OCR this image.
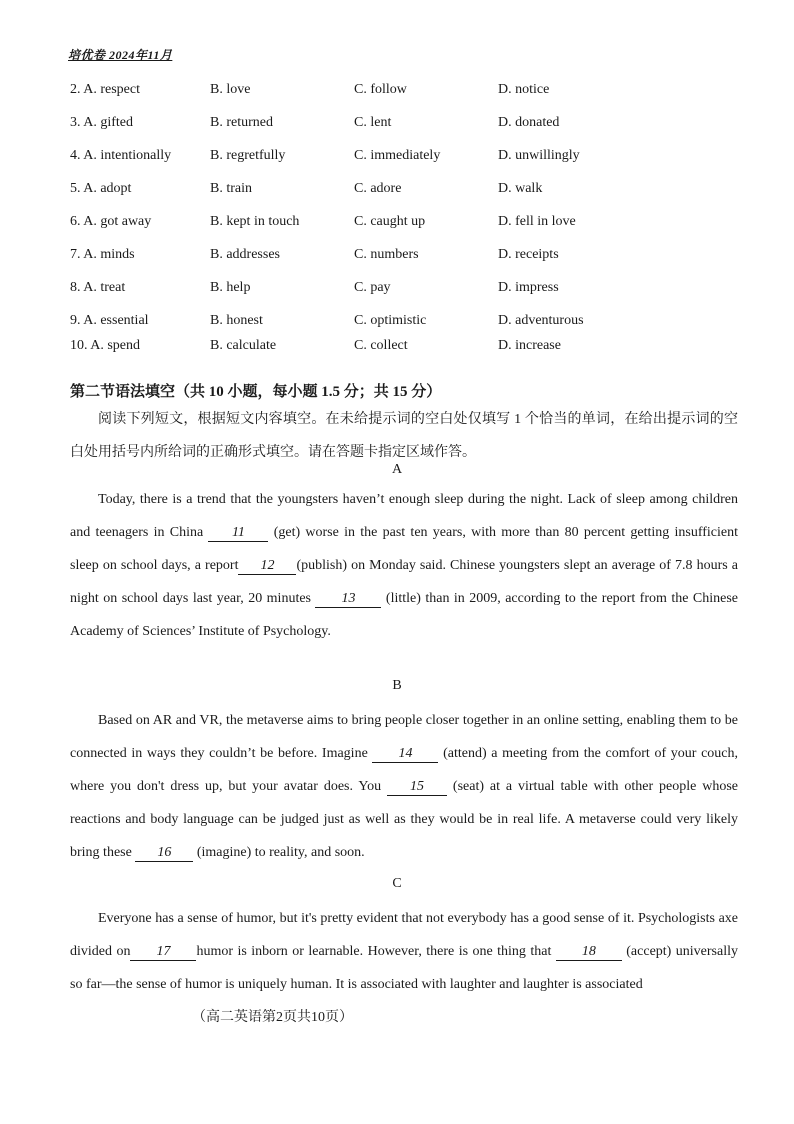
培优卷 2024年11月
2. A. respect	B. love	C. follow	D. notice
3. A. gifted	B. returned	C. lent	D. donated
4. A. intentionally	B. regretfully	C. immediately	D. unwillingly
5. A. adopt	B. train	C. adore	D. walk
6. A. got away	B. kept in touch	C. caught up	D. fell in love
7. A. minds	B. addresses	C. numbers	D. receipts
8. A. treat	B. help	C. pay	D. impress
9. A. essential	B. honest	C. optimistic	D. adventurous
10. A. spend	B. calculate	C. collect	D. increase
第二节语法填空（共 10 小题，每小题 1.5 分；共 15 分）
阅读下列短文，根据短文内容填空。在未给提示词的空白处仅填写 1 个恰当的单词，在给出提示词的空白处用括号内所给词的正确形式填空。请在答题卡指定区域作答。
A
Today, there is a trend that the youngsters haven’t enough sleep during the night. Lack of sleep among children and teenagers in China 11 (get) worse in the past ten years, with more than 80 percent getting insufficient sleep on school days, a report 12 (publish) on Monday said. Chinese youngsters slept an average of 7.8 hours a night on school days last year, 20 minutes 13 (little) than in 2009, according to the report from the Chinese Academy of Sciences’ Institute of Psychology.
B
Based on AR and VR, the metaverse aims to bring people closer together in an online setting, enabling them to be connected in ways they couldn’t be before. Imagine 14 (attend) a meeting from the comfort of your couch, where you don't dress up, but your avatar does. You 15 (seat) at a virtual table with other people whose reactions and body language can be judged just as well as they would be in real life. A metaverse could very likely bring these 16 (imagine) to reality, and soon.
C
Everyone has a sense of humor, but it's pretty evident that not everybody has a good sense of it. Psychologists axe divided on 17 humor is inborn or learnable. However, there is one thing that 18 (accept) universally so far—the sense of humor is uniquely human. It is associated with laughter and laughter is associated
（高二英语第2页共10页）
